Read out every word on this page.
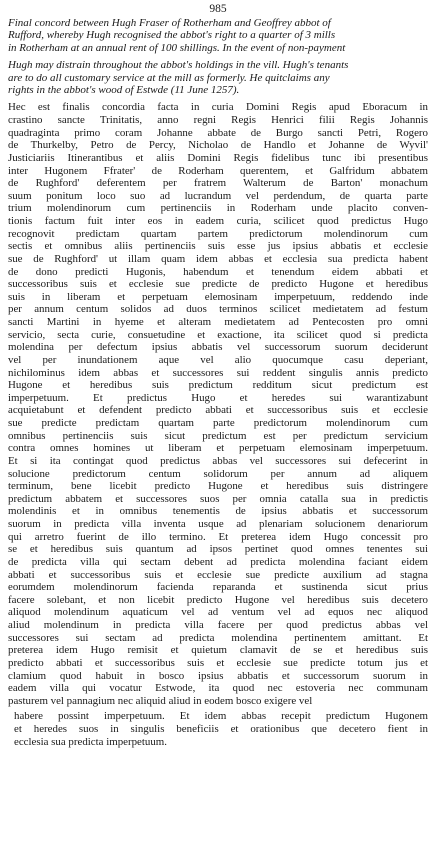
985
Final concord between Hugh Fraser of Rotherham and Geoffrey abbot of
Rufford, whereby Hugh recognised the abbot's right to a quarter of 3 mills
in Rotherham at an annual rent of 100 shillings. In the event of non-payment
Hugh may distrain throughout the abbot's holdings in the vill. Hugh's tenants
are to do all customary service at the mill as formerly. He quitclaims any
rights in the abbot's wood of Estwde (11 June 1257).
Hec est finalis concordia facta in curia Domini Regis apud Eboracum in
crastino sancte Trinitatis, anno regni Regis Henrici filii Regis Johannis
quadraginta primo coram Johanne abbate de Burgo sancti Petri, Rogero
de Thurkelby, Petro de Percy, Nicholao de Handlo et Johanne de Wyvil'
Justiciariis Itinerantibus et aliis Domini Regis fidelibus tunc ibi presentibus
inter Hugonem Ffrater' de Roderham querentem, et Galfridum abbatem
de Rughford' deferentem per fratrem Walterum de Barton' monachum
suum ponitum loco suo ad lucrandum vel perdendum, de quarta parte
trium molendinorum cum pertinenciis in Roderham unde placito conven-
tionis factum fuit inter eos in eadem curia, scilicet quod predictus Hugo
recognovit predictam quartam partem predictorum molendinorum cum
sectis et omnibus aliis pertinenciis suis esse jus ipsius abbatis et ecclesie
sue de Rughford' ut illam quam idem abbas et ecclesia sua predicta habent
de dono predicti Hugonis, habendum et tenendum eidem abbati et
successoribus suis et ecclesie sue predicte de predicto Hugone et heredibus
suis in liberam et perpetuam elemosinam imperpetuum, reddendo inde
per annum centum solidos ad duos terminos scilicet medietatem ad festum
sancti Martini in hyeme et alteram medietatem ad Pentecosten pro omni
servicio, secta curie, consuetudine et exactione, ita scilicet quod si predicta
molendina per defectum ipsius abbatis vel successorum suorum deciderunt
vel per inundationem aque vel alio quocumque casu deperiant,
nichilominus idem abbas et successores sui reddent singulis annis predicto
Hugone et heredibus suis predictum redditum sicut predictum est
imperpetuum. Et predictus Hugo et heredes sui warantizabunt
acquietabunt et defendent predicto abbati et successoribus suis et ecclesie
sue predicte predictam quartam parte predictorum molendinorum cum
omnibus pertinenciis suis sicut predictum est per predictum servicium
contra omnes homines ut liberam et perpetuam elemosinam imperpetuum.
Et si ita contingat quod predictus abbas vel successores sui defecerint in
solucione predictorum centum solidorum per annum ad aliquem
terminum, bene licebit predicto Hugone et heredibus suis distringere
predictum abbatem et successores suos per omnia catalla sua in predictis
molendinis et in omnibus tenementis de ipsius abbatis et successorum
suorum in predicta villa inventa usque ad plenariam solucionem denariorum
qui arretro fuerint de illo termino. Et preterea idem Hugo concessit pro
se et heredibus suis quantum ad ipsos pertinet quod omnes tenentes sui
de predicta villa qui sectam debent ad predicta molendina faciant eidem
abbati et successoribus suis et ecclesie sue predicte auxilium ad stagna
eorumdem molendinorum facienda reparanda et sustinenda sicut prius
facere solebant, et non licebit predicto Hugone vel heredibus suis decetero
aliquod molendinum aquaticum vel ad ventum vel ad equos nec aliquod
aliud molendinum in predicta villa facere per quod predictus abbas vel
successores sui sectam ad predicta molendina pertinentem amittant. Et
preterea idem Hugo remisit et quietum clamavit de se et heredibus suis
predicto abbati et successoribus suis et ecclesie sue predicte totum jus et
clamium quod habuit in bosco ipsius abbatis et successorum suorum in
eadem villa qui vocatur Estwode, ita quod nec estoveria nec communam
pasturem vel pannagium nec aliquid aliud in eodem bosco exigere vel
habere possint imperpetuum. Et idem abbas recepit predictum Hugonem
et heredes suos in singulis beneficiis et orationibus que decetero fient in
ecclesia sua predicta imperpetuum.
